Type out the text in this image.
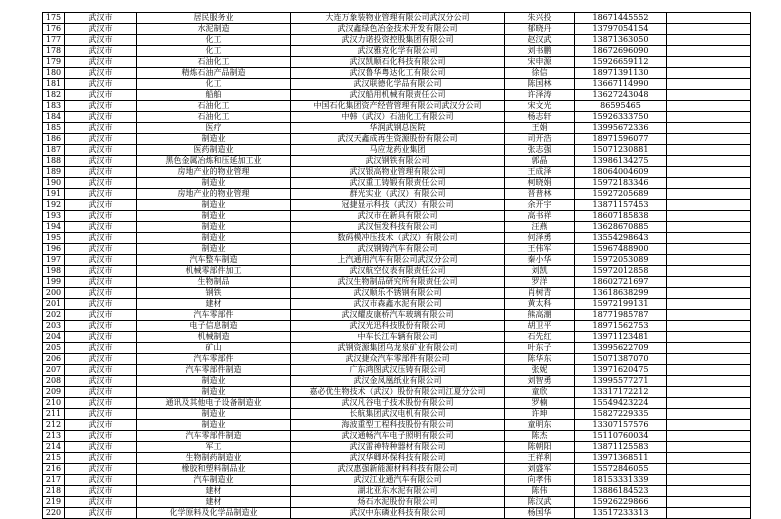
175	武汉市	居民服务业	大连万象装物业管理有限公司武汉分公司	朱兴投	18671445552	
176	武汉市	水泥制造	武汉鑫绿色冶金技术开发有限公司	郁晓丹	13797054154	
177	武汉市	化工	武汉力诺投资控股集团有限公司	赵汉武	13871363050	
178	武汉市	化工	武汉雅克化学有限公司	刘书鹏	18672696090	
179	武汉市	石油化工	武汉凯顺石化科技有限公司	宋申源	15926659112	
180	武汉市	精炼石油产品制造	武汉鲁华粤达化工有限公司	徐信	18971391130	
181	武汉市	化工	武汉联德化学品有限公司	陈国林	13667114990	
182	武汉市	船舶	武汉船用机械有限责任公司	许泽涛	13627243048	
183	武汉市	石油化工	中国石化集团资产经营管理有限公司武汉分公司	宋文光	86595465	
184	武汉市	石油化工	中韩（武汉）石油化工有限公司	杨志轩	15926333750	
185	武汉市	医疗	华润武钢总医院	王娟	13995672336	
186	武汉市	制造业	武汉天鑫成再生资源股份有限公司	司开浩	18971596077	
187	武汉市	医药制造业	马应龙药业集团	张志强	15071230881	
188	武汉市	黑色金属冶炼和压延加工业	武汉钢铁有限公司	郭晶	13986134275	
189	武汉市	房地产业的物业管理	武汉银高物业管理有限公司	王成泽	18064004609	
190	武汉市	制造业	武汉重工铸锻有限责任公司	柯晓娟	15972183346	
191	武汉市	房地产业的物业管理	群光实业（武汉）有限公司	晋普林	15927205689	
192	武汉市	制造业	冠捷显示科技（武汉）有限公司	余开宇	13871157453	
193	武汉市	制造业	武汉市在新具有限公司	高书祥	18607185838	
194	武汉市	制造业	武汉恒发科技有限公司	汪燕	13628670885	
195	武汉市	制造业	数码模冲压技术（武汉）有限公司	何泽勇	13554298643	
196	武汉市	制造业	武汉钢铸汽车有限公司	王伟军	15967488900	
197	武汉市	汽车整车制造	上汽通用汽车有限公司武汉分公司	秦小华	15972053089	
198	武汉市	机械零部件加工	武汉航空仪表有限责任公司	刘凯	15972012858	
199	武汉市	生物制品	武汉生物制品研究所有限责任公司	罗洋	18602721697	
200	武汉市	钢铁	武汉顺乐不锈钢有限公司	肖树青	13618638299	
201	武汉市	建材	武汉市森鑫水泥有限公司	黄太科	15972199131	
202	武汉市	汽车零部件	武汉耀皮康桥汽车玻璃有限公司	熊高潮	18771985787	
203	武汉市	电子信息制造	武汉光迅科技股份有限公司	胡卫平	18971562753	
204	武汉市	机械制造	中车长江车辆有限公司	石先红	13971123481	
205	武汉市	矿山	武钢资源集团乌龙泉矿业有限公司	叶东子	13995622709	
206	武汉市	汽车零部件	武汉捷众汽车零部件有限公司	陈华东	15071387070	
207	武汉市	汽车零部件制造	广东鸿图武汉压铸有限公司	张妮	13971620475	
208	武汉市	制造业	武汉金凤凰纸业有限公司	刘智勇	13995577271	
209	武汉市	制造业	嘉必优生物技术（武汉）股份有限公司江夏分公司	童欣	13317172212	
210	武汉市	通讯及其他电子设备制造业	武汉凡谷电子技术股份有限公司	罗楠	15549423224	
211	武汉市	制造业	长航集团武汉电机有限公司	许坤	15827229335	
212	武汉市	制造业	海波重型工程科技股份有限公司	童明东	13307157576	
213	武汉市	汽车零部件制造	武汉通畅汽车电子照明有限公司	陈杰	15110760034	
214	武汉市	军工	武汉雷神特种器材有限公司	陈朝阳	13871125583	
215	武汉市	生物制药制造业	武汉华卿环保科技有限公司	王祥利	13971368511	
216	武汉市	橡胶和塑料制品业	武汉惠强新能源材料科技有限公司	刘盛军	15572846055	
217	武汉市	汽车制造业	武汉江业通汽车有限公司	向孝伟	18153331339	
218	武汉市	建材	湖北亚东水泥有限公司	陈伟	13886184523	
219	武汉市	建材	炀石水泥股份有限公司	陈汉武	15926229866	
220	武汉市	化学原料及化学品制造业	武汉中东磷业科技有限公司	杨国华	13517233313	
